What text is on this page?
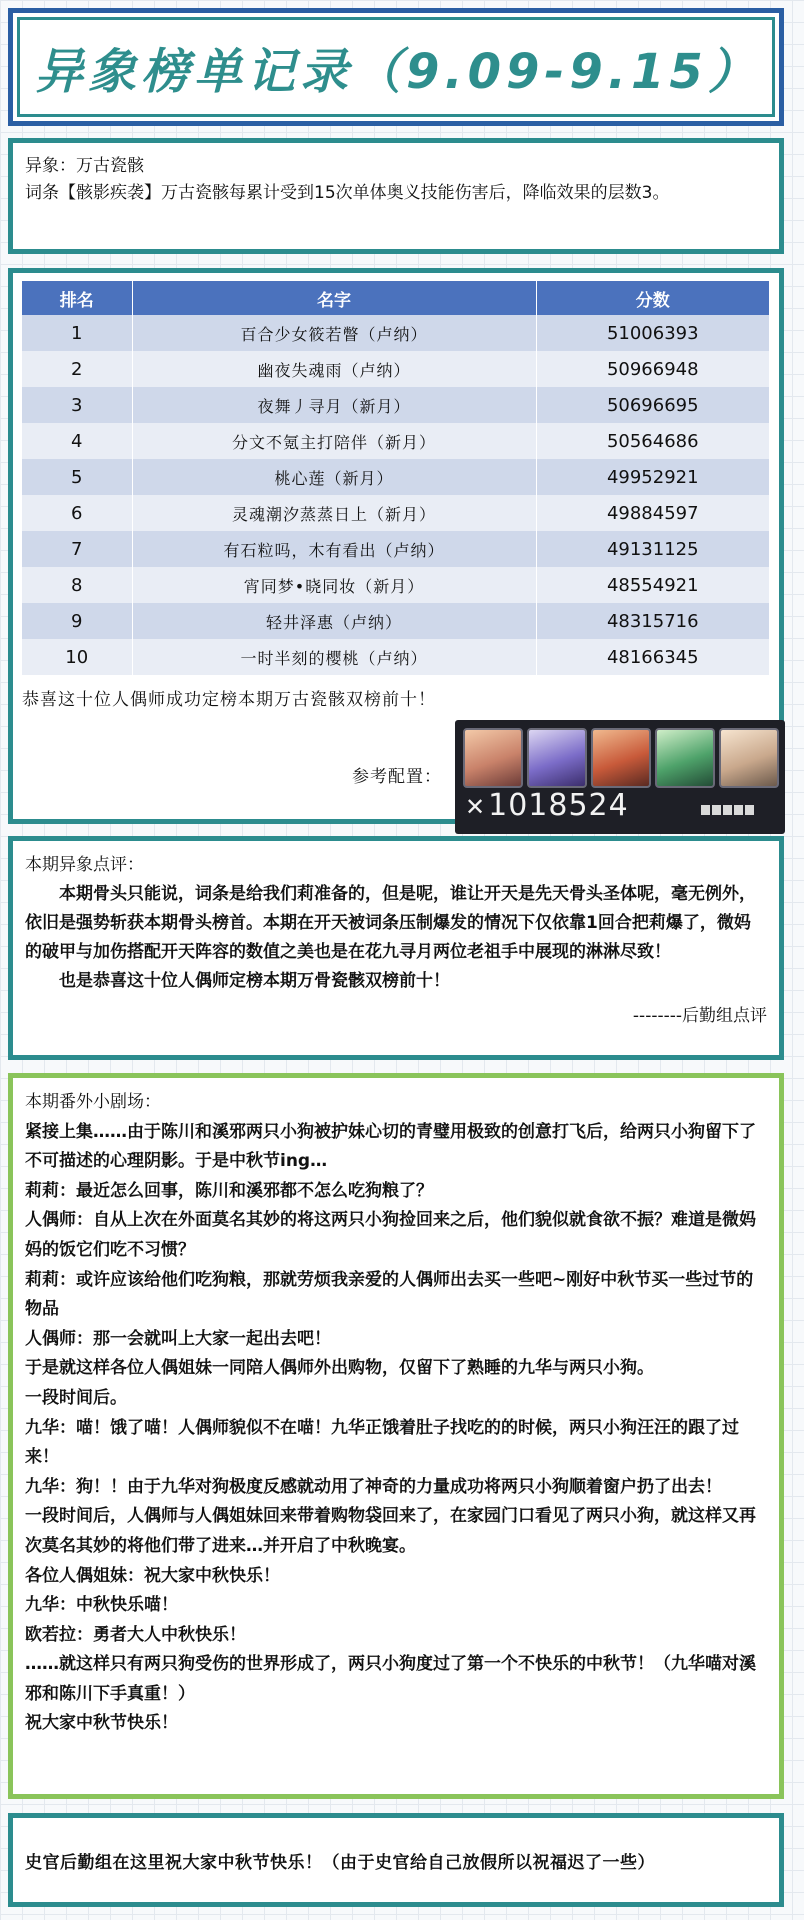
异象榜单记录（9.09-9.15）
异象：万古瓷骸
词条【骸影疾袭】万古瓷骸每累计受到15次单体奥义技能伤害后，降临效果的层数3。
排名	名字	分数
1	百合少女筱若瞥（卢纳）	51006393
2	幽夜失魂雨（卢纳）	50966948
3	夜舞丿寻月（新月）	50696695
4	分文不氪主打陪伴（新月）	50564686
5	桃心莲（新月）	49952921
6	灵魂潮汐蒸蒸日上（新月）	49884597
7	有石粒吗，木有看出（卢纳）	49131125
8	宵同梦•晓同妆（新月）	48554921
9	轻井泽惠（卢纳）	48315716
10	一时半刻的樱桃（卢纳）	48166345
恭喜这十位人偶师成功定榜本期万古瓷骸双榜前十！
参考配置：
✕1018524
本期异象点评：

本期骨头只能说，词条是给我们莉准备的，但是呢，谁让开天是先天骨头圣体呢，毫无例外，依旧是强势斩获本期骨头榜首。本期在开天被词条压制爆发的情况下仅依靠1回合把莉爆了，微妈的破甲与加伤搭配开天阵容的数值之美也是在花九寻月两位老祖手中展现的淋淋尽致！

也是恭喜这十位人偶师定榜本期万骨瓷骸双榜前十！

--------后勤组点评
本期番外小剧场：
紧接上集……由于陈川和溪邪两只小狗被护妹心切的青璧用极致的创意打飞后，给两只小狗留下了不可描述的心理阴影。于是中秋节ing…
莉莉：最近怎么回事，陈川和溪邪都不怎么吃狗粮了？
人偶师：自从上次在外面莫名其妙的将这两只小狗捡回来之后，他们貌似就食欲不振？难道是微妈妈的饭它们吃不习惯？
莉莉：或许应该给他们吃狗粮，那就劳烦我亲爱的人偶师出去买一些吧~刚好中秋节买一些过节的物品
人偶师：那一会就叫上大家一起出去吧！
于是就这样各位人偶姐妹一同陪人偶师外出购物，仅留下了熟睡的九华与两只小狗。
一段时间后。
九华：喵！饿了喵！人偶师貌似不在喵！九华正饿着肚子找吃的的时候，两只小狗汪汪的跟了过来！
九华：狗！！由于九华对狗极度反感就动用了神奇的力量成功将两只小狗顺着窗户扔了出去！
一段时间后，人偶师与人偶姐妹回来带着购物袋回来了，在家园门口看见了两只小狗，就这样又再次莫名其妙的将他们带了进来…并开启了中秋晚宴。
各位人偶姐妹：祝大家中秋快乐！
九华：中秋快乐喵！
欧若拉：勇者大人中秋快乐！
……就这样只有两只狗受伤的世界形成了，两只小狗度过了第一个不快乐的中秋节！（九华喵对溪邪和陈川下手真重！）
祝大家中秋节快乐！
史官后勤组在这里祝大家中秋节快乐！（由于史官给自己放假所以祝福迟了一些）
